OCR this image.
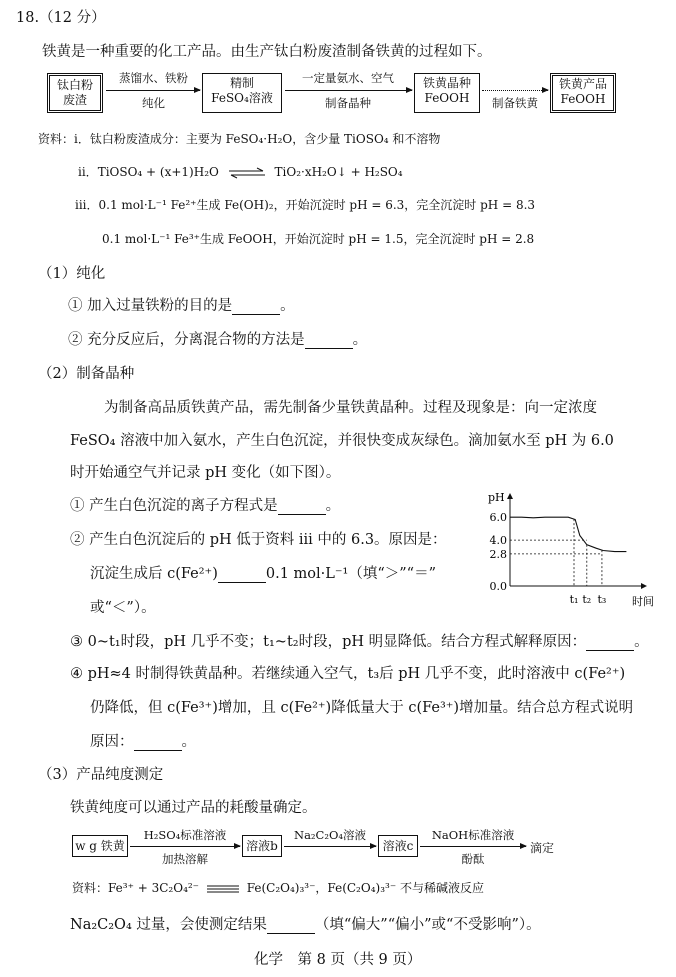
18.（12 分）
铁黄是一种重要的化工产品。由生产钛白粉废渣制备铁黄的过程如下。
钛白粉
废渣
蒸馏水、铁粉
纯化
精制
FeSO₄溶液
一定量氨水、空气
制备晶种
铁黄晶种
FeOOH	制备铁黄
铁黄产品
FeOOH
资料：i．钛白粉废渣成分：主要为 FeSO₄·H₂O，含少量 TiOSO₄ 和不溶物
ii．TiOSO₄ + (x+1)H₂O ⇌ TiO₂·xH₂O↓ + H₂SO₄
iii．0.1 mol·L⁻¹ Fe²⁺生成 Fe(OH)₂，开始沉淀时 pH = 6.3，完全沉淀时 pH = 8.3
0.1 mol·L⁻¹ Fe³⁺生成 FeOOH，开始沉淀时 pH = 1.5，完全沉淀时 pH = 2.8
（1）纯化
① 加入过量铁粉的目的是	。
② 充分反应后，分离混合物的方法是	。
（2）制备晶种
为制备高品质铁黄产品，需先制备少量铁黄晶种。过程及现象是：向一定浓度
FeSO₄ 溶液中加入氨水，产生白色沉淀，并很快变成灰绿色。滴加氨水至 pH 为 6.0
时开始通空气并记录 pH 变化（如下图）。
① 产生白色沉淀的离子方程式是	。
② 产生白色沉淀后的 pH 低于资料 iii 中的 6.3。原因是：
沉淀生成后 c(Fe²⁺)	0.1 mol·L⁻¹（填“＞”“＝”
或“＜”）。
pH
时间
6.0
4.0
2.8
0.0
t₁ t₂ t₃
③ 0~t₁时段，pH 几乎不变；t₁~t₂时段，pH 明显降低。结合方程式解释原因：	。
④ pH≈4 时制得铁黄晶种。若继续通入空气，t₃后 pH 几乎不变，此时溶液中 c(Fe²⁺)
仍降低，但 c(Fe³⁺)增加，且 c(Fe²⁺)降低量大于 c(Fe³⁺)增加量。结合总方程式说明
原因：	。
（3）产品纯度测定
铁黄纯度可以通过产品的耗酸量确定。
w g 铁黄
H₂SO₄标准溶液
加热溶解
溶液b
Na₂C₂O₄溶液
溶液c
NaOH标准溶液
酚酞
滴定
资料：Fe³⁺ + 3C₂O₄²⁻	Fe(C₂O₄)₃³⁻，Fe(C₂O₄)₃³⁻ 不与稀碱液反应
Na₂C₂O₄ 过量，会使测定结果	（填“偏大”“偏小”或“不受影响”）。
化学　第 8 页（共 9 页）
